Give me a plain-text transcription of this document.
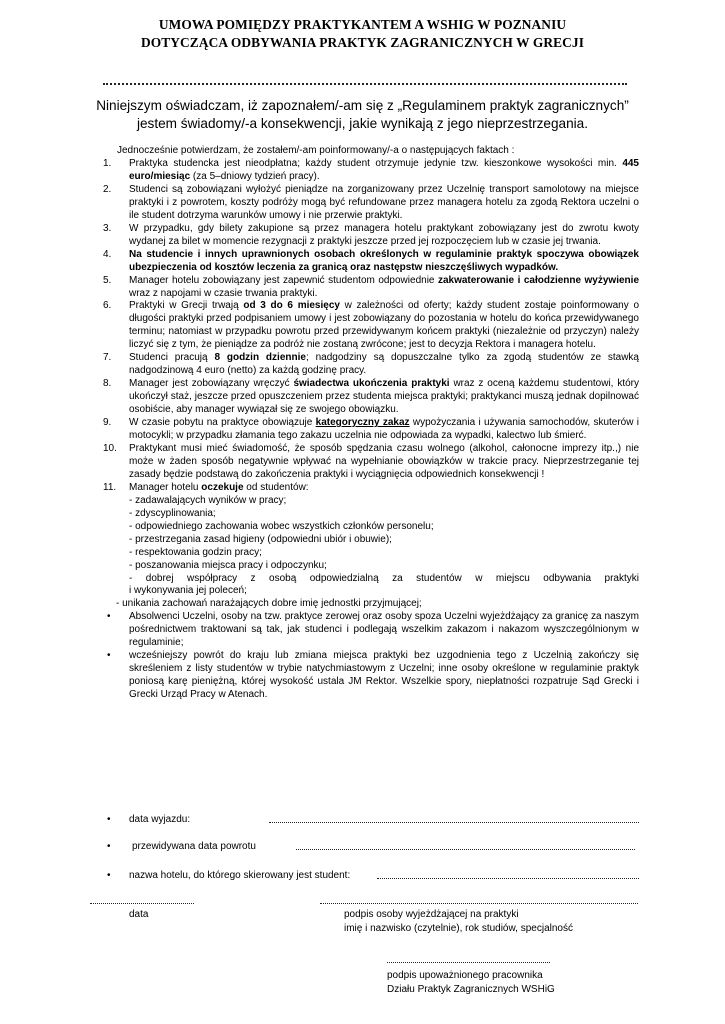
UMOWA POMIĘDZY PRAKTYKANTEM A WSHIG W POZNANIU
DOTYCZĄCA ODBYWANIA PRAKTYK ZAGRANICZNYCH W GRECJI
Niniejszym oświadczam, iż zapoznałem/-am się z „Regulaminem praktyk zagranicznych”
jestem świadomy/-a konsekwencji, jakie wynikają z jego nieprzestrzegania.
Jednocześnie potwierdzam, że zostałem/-am poinformowany/-a o następujących faktach :
1. Praktyka studencka jest nieodpłatna; każdy student otrzymuje jedynie tzw. kieszonkowe wysokości min. 445 euro/miesiąc (za 5–dniowy tydzień pracy).
2. Studenci są zobowiązani wyłożyć pieniądze na zorganizowany przez Uczelnię transport samolotowy na miejsce praktyki i z powrotem, koszty podróży mogą być refundowane przez managera hotelu za zgodą Rektora uczelni o ile student dotrzyma warunków umowy i nie przerwie praktyki.
3. W przypadku, gdy bilety zakupione są przez managera hotelu praktykant zobowiązany jest do zwrotu kwoty wydanej za bilet w momencie rezygnacji z praktyki jeszcze przed jej rozpoczęciem lub w czasie jej trwania.
4. Na studencie i innych uprawnionych osobach określonych w regulaminie praktyk spoczywa obowiązek ubezpieczenia od kosztów leczenia za granicą oraz następstw nieszczęśliwych wypadków.
5. Manager hotelu zobowiązany jest zapewnić studentom odpowiednie zakwaterowanie i całodzienne wyżywienie wraz z napojami w czasie trwania praktyki.
6. Praktyki w Grecji trwają od 3 do 6 miesięcy w zależności od oferty; każdy student zostaje poinformowany o długości praktyki przed podpisaniem umowy i jest zobowiązany do pozostania w hotelu do końca przewidywanego terminu; natomiast w przypadku powrotu przed przewidywanym końcem praktyki (niezależnie od przyczyn) należy liczyć się z tym, że pieniądze za podróż nie zostaną zwrócone; jest to decyzja Rektora i managera hotelu.
7. Studenci pracują 8 godzin dziennie; nadgodziny są dopuszczalne tylko za zgodą studentów ze stawką nadgodzinową 4 euro (netto) za każdą godzinę pracy.
8. Manager jest zobowiązany wręczyć świadectwa ukończenia praktyki wraz z oceną każdemu studentowi, który ukończył staż, jeszcze przed opuszczeniem przez studenta miejsca praktyki; praktykanci muszą jednak dopilnować osobiście, aby manager wywiązał się ze swojego obowiązku.
9. W czasie pobytu na praktyce obowiązuje kategoryczny zakaz wypożyczania i używania samochodów, skuterów i motocykli; w przypadku złamania tego zakazu uczelnia nie odpowiada za wypadki, kalectwo lub śmierć.
10. Praktykant musi mieć świadomość, że sposób spędzania czasu wolnego (alkohol, całonocne imprezy itp.,) nie może w żaden sposób negatywnie wpływać na wypełnianie obowiązków w trakcie pracy. Nieprzestrzeganie tej zasady będzie podstawą do zakończenia praktyki i wyciągnięcia odpowiednich konsekwencji !
11. Manager hotelu oczekuje od studentów:
- zadawalających wyników w pracy;
- zdyscyplinowania;
- odpowiedniego zachowania wobec wszystkich członków personelu;
- przestrzegania zasad higieny (odpowiedni ubiór i obuwie);
- respektowania godzin pracy;
- poszanowania miejsca pracy i odpoczynku;
- dobrej współpracy z osobą odpowiedzialną za studentów w miejscu odbywania praktyki
i wykonywania jej poleceń;
- unikania zachowań narażających dobre imię jednostki przyjmującej;
• Absolwenci Uczelni, osoby na tzw. praktyce zerowej oraz osoby spoza Uczelni wyjeżdżający za granicę za naszym pośrednictwem traktowani są tak, jak studenci i podlegają wszelkim zakazom i nakazom wyszczególnionym w regulaminie;
• wcześniejszy powrót do kraju lub zmiana miejsca praktyki bez uzgodnienia tego z Uczelnią zakończy się skreśleniem z listy studentów w trybie natychmiastowym z Uczelni; inne osoby określone w regulaminie praktyk poniosą karę pieniężną, której wysokość ustala JM Rektor. Wszelkie spory, niepłatności rozpatruje Sąd Grecki i Grecki Urząd Pracy w Atenach.
• data wyjazdu:
• przewidywana data powrotu
• nazwa hotelu, do którego skierowany jest student:
data	podpis osoby wyjeżdżającej na praktyki
imię i nazwisko (czytelnie), rok studiów, specjalność
podpis upoważnionego pracownika
Działu Praktyk Zagranicznych WSHiG
